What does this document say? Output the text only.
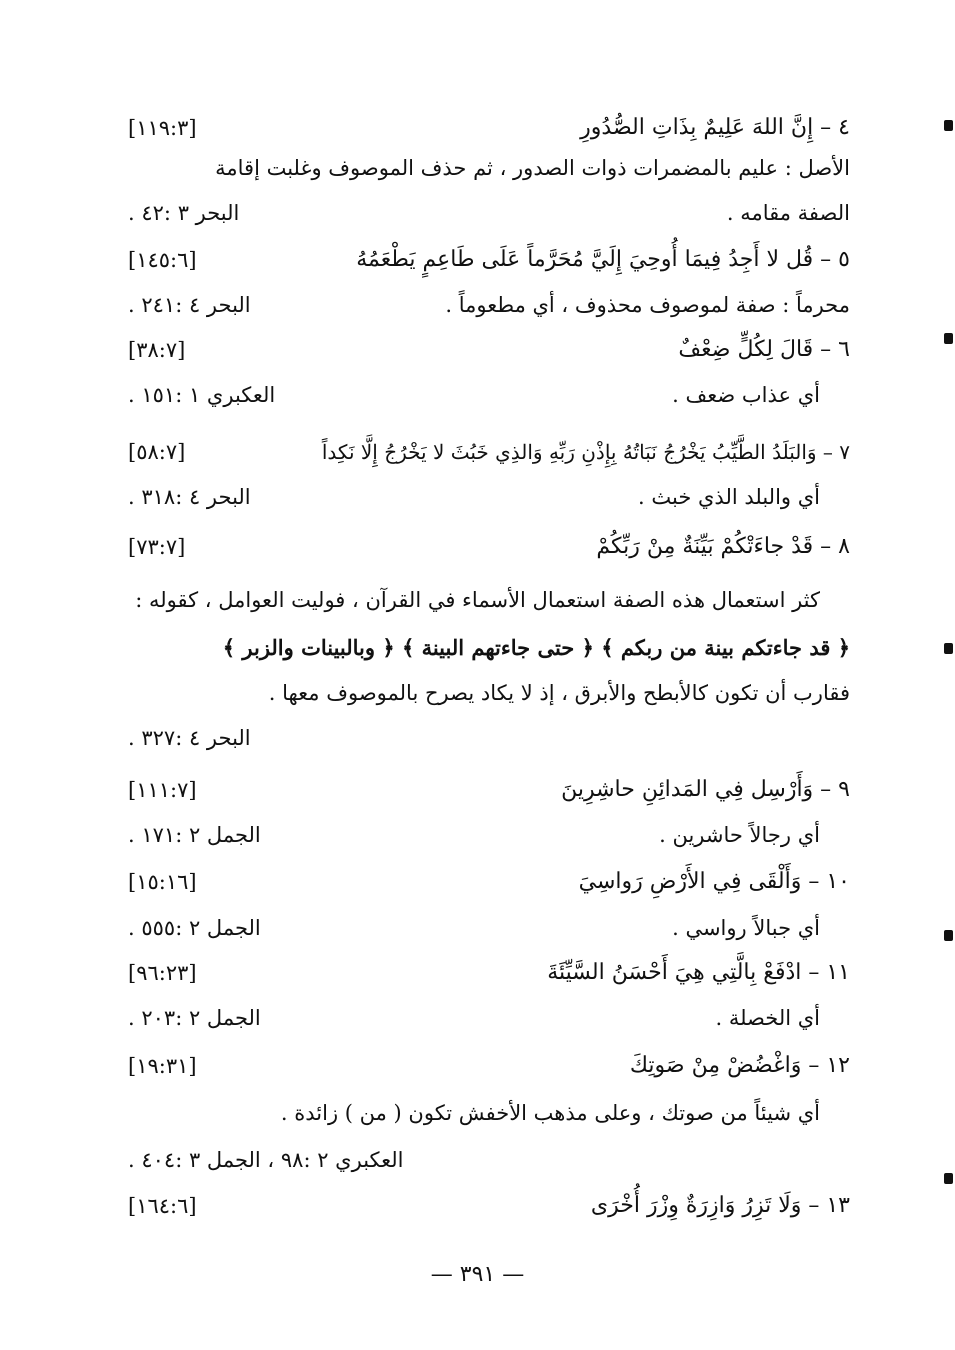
٤ – إِنَّ اللهَ عَلِيمٌ بِذَاتِ الصُّدُورِ
[١١٩:٣]
الأصل : عليم بالمضمرات ذوات الصدور ، ثم حذف الموصوف وغلبت إقامة
الصفة مقامه .
البحر ٣ :٤٢ .
٥ – قُل لا أَجِدُ فِيمَا أُوحِيَ إِلَيَّ مُحَرَّماً عَلَى طَاعِمٍ يَطْعَمُهُ
[١٤٥:٦]
محرماً : صفة لموصوف محذوف ، أي مطعوماً .
البحر ٤ :٢٤١ .
٦ – قَالَ لِكُلٍّ ضِعْفٌ
[٣٨:٧]
أي عذاب ضعف .
العكبري ١ :١٥١ .
٧ – وَالبَلَدُ الطَّيِّبُ يَخْرُجُ نَبَاتُهُ بِإِذْنِ رَبِّهِ وَالذِي خَبُثَ لا يَخْرُجُ إِلَّا نَكِداً
[٥٨:٧]
أي والبلد الذي خبث .
البحر ٤ :٣١٨ .
٨ – قَدْ جاءَتْكُمْ بَيِّنَةٌ مِنْ رَبِّكُمْ
[٧٣:٧]
كثر استعمال هذه الصفة استعمال الأسماء في القرآن ، فوليت العوامل ، كقوله :
﴿ قد جاءتكم بينة من ربكم ﴾ ﴿ حتى جاءتهم البينة ﴾ ﴿ وبالبينات والزبر ﴾
فقارب أن تكون كالأبطح والأبرق ، إذ لا يكاد يصرح بالموصوف معها .
البحر ٤ :٣٢٧ .
٩ – وَأَرْسِل فِي المَدائِنِ حاشِرِينَ
[١١١:٧]
أي رجالاً حاشرين .
الجمل ٢ :١٧١ .
١٠ – وَأَلْقَى فِي الأَرْضِ رَواسِيَ
[١٥:١٦]
أي جبالاً رواسي .
الجمل ٢ :٥٥٥ .
١١ – ادْفَعْ بِالَّتِي هِيَ أَحْسَنُ السَّيِّئَةَ
[٩٦:٢٣]
أي الخصلة .
الجمل ٢ :٢٠٣ .
١٢ – وَاغْضُضْ مِنْ صَوتِكَ
[١٩:٣١]
أي شيئاً من صوتك ، وعلى مذهب الأخفش تكون ( من ) زائدة .
العكبري ٢ :٩٨ ، الجمل ٣ :٤٠٤ .
١٣ – وَلَا تَزِرُ وَازِرَةٌ وِزْرَ أُخْرَى
[١٦٤:٦]
— ٣٩١ —
